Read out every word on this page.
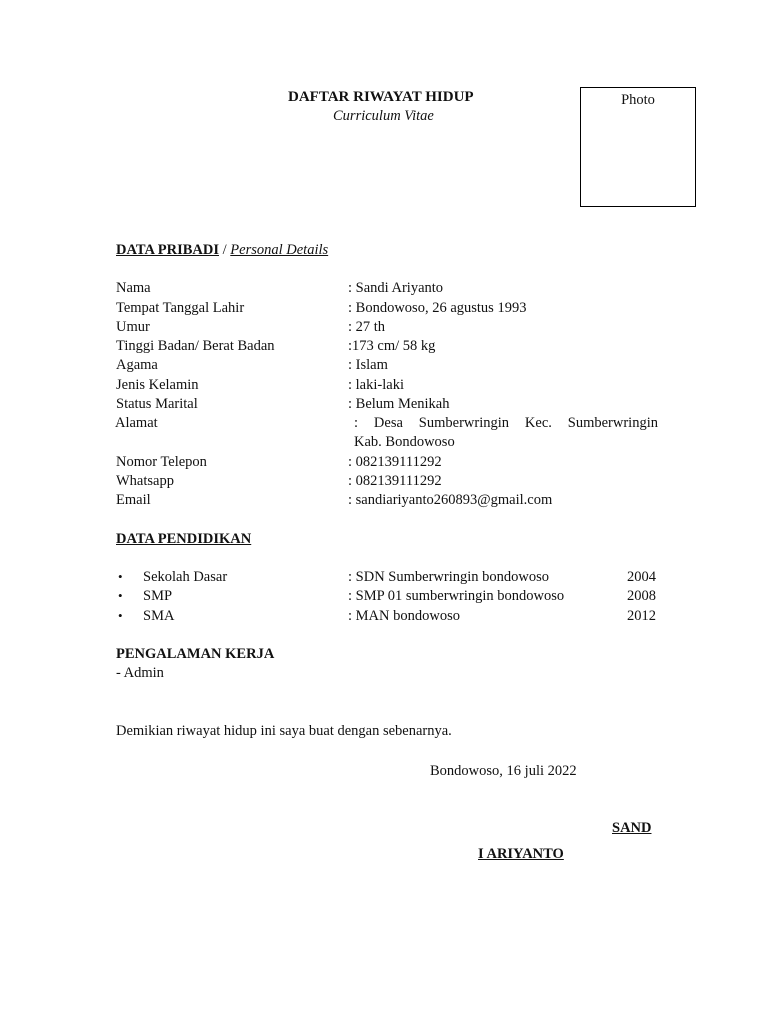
DAFTAR RIWAYAT HIDUP
Curriculum Vitae
Photo
DATA PRIBADI / Personal Details
Nama	: Sandi Ariyanto
Tempat Tanggal Lahir	: Bondowoso, 26 agustus 1993
Umur	: 27 th
Tinggi Badan/ Berat Badan	:173 cm/ 58 kg
Agama	: Islam
Jenis Kelamin	: laki-laki
Status Marital	: Belum Menikah
Alamat	: Desa Sumberwringin Kec. Sumberwringin
Kab. Bondowoso
Nomor Telepon	: 082139111292
Whatsapp	: 082139111292
Email	: sandiariyanto260893@gmail.com
DATA PENDIDIKAN
• Sekolah Dasar	: SDN Sumberwringin bondowoso	2004
• SMP	: SMP 01 sumberwringin bondowoso	2008
• SMA	: MAN bondowoso	2012
PENGALAMAN KERJA
- Admin
Demikian riwayat hidup ini saya buat dengan sebenarnya.
Bondowoso, 16 juli 2022
SAND
I ARIYANTO
